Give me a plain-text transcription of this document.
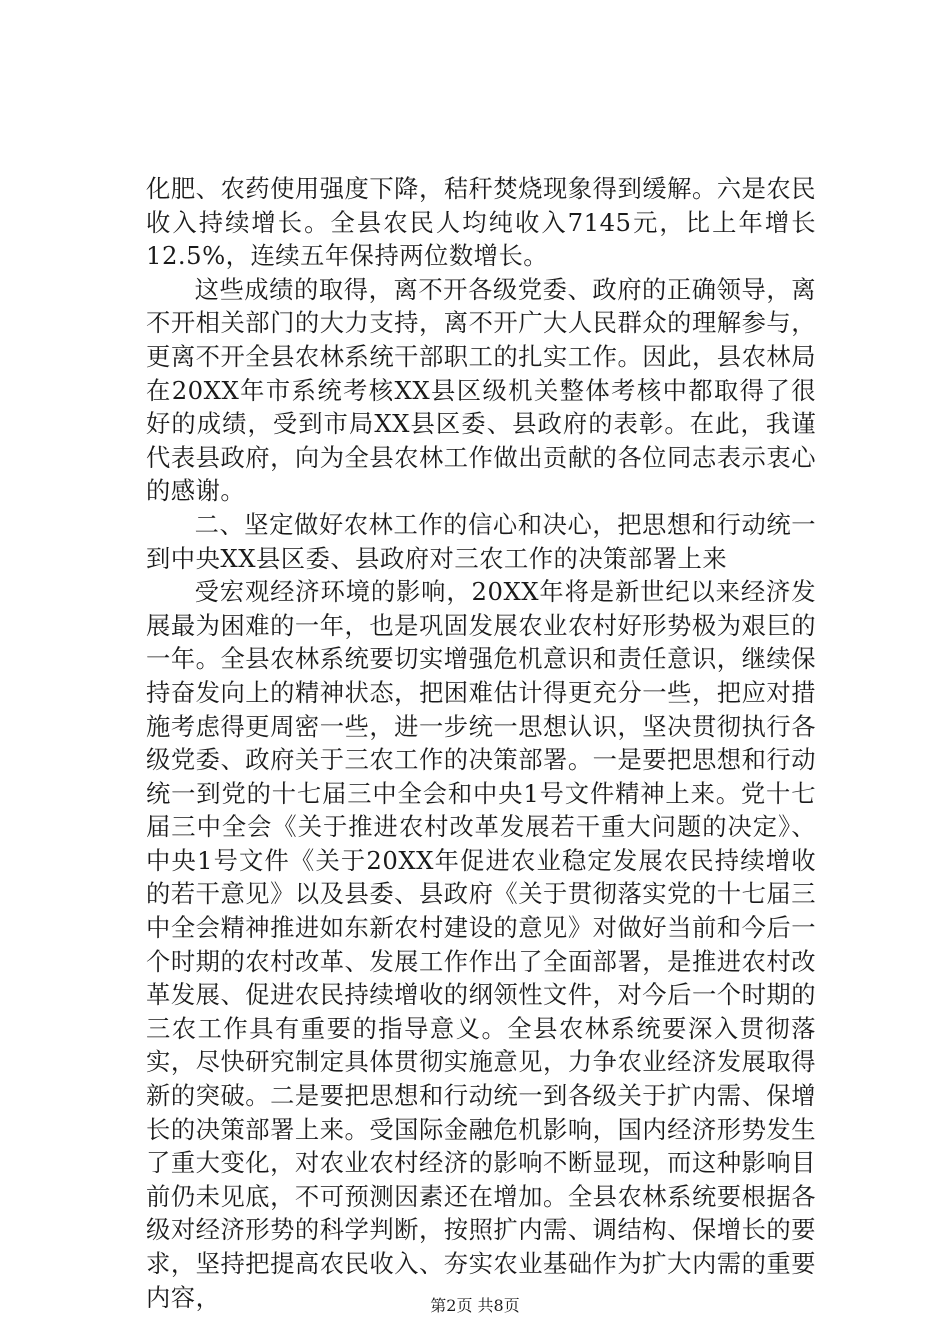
化肥、农药使用强度下降，秸秆焚烧现象得到缓解。六是农民收入持续增长。全县农民人均纯收入7145元，比上年增长12.5%，连续五年保持两位数增长。

这些成绩的取得，离不开各级党委、政府的正确领导，离不开相关部门的大力支持，离不开广大人民群众的理解参与，更离不开全县农林系统干部职工的扎实工作。因此，县农林局在20XX年市系统考核XX县区级机关整体考核中都取得了很好的成绩，受到市局XX县区委、县政府的表彰。在此，我谨代表县政府，向为全县农林工作做出贡献的各位同志表示衷心的感谢。

二、坚定做好农林工作的信心和决心，把思想和行动统一到中央XX县区委、县政府对三农工作的决策部署上来

受宏观经济环境的影响，20XX年将是新世纪以来经济发展最为困难的一年，也是巩固发展农业农村好形势极为艰巨的一年。全县农林系统要切实增强危机意识和责任意识，继续保持奋发向上的精神状态，把困难估计得更充分一些，把应对措施考虑得更周密一些，进一步统一思想认识，坚决贯彻执行各级党委、政府关于三农工作的决策部署。一是要把思想和行动统一到党的十七届三中全会和中央1号文件精神上来。党十七届三中全会《关于推进农村改革发展若干重大问题的决定》、中央1号文件《关于20XX年促进农业稳定发展农民持续增收的若干意见》以及县委、县政府《关于贯彻落实党的十七届三中全会精神推进如东新农村建设的意见》对做好当前和今后一个时期的农村改革、发展工作作出了全面部署，是推进农村改革发展、促进农民持续增收的纲领性文件，对今后一个时期的三农工作具有重要的指导意义。全县农林系统要深入贯彻落实，尽快研究制定具体贯彻实施意见，力争农业经济发展取得新的突破。二是要把思想和行动统一到各级关于扩内需、保增长的决策部署上来。受国际金融危机影响，国内经济形势发生了重大变化，对农业农村经济的影响不断显现，而这种影响目前仍未见底，不可预测因素还在增加。全县农林系统要根据各级对经济形势的科学判断，按照扩内需、调结构、保增长的要求，坚持把提高农民收入、夯实农业基础作为扩大内需的重要内容，	第2页 共8页
